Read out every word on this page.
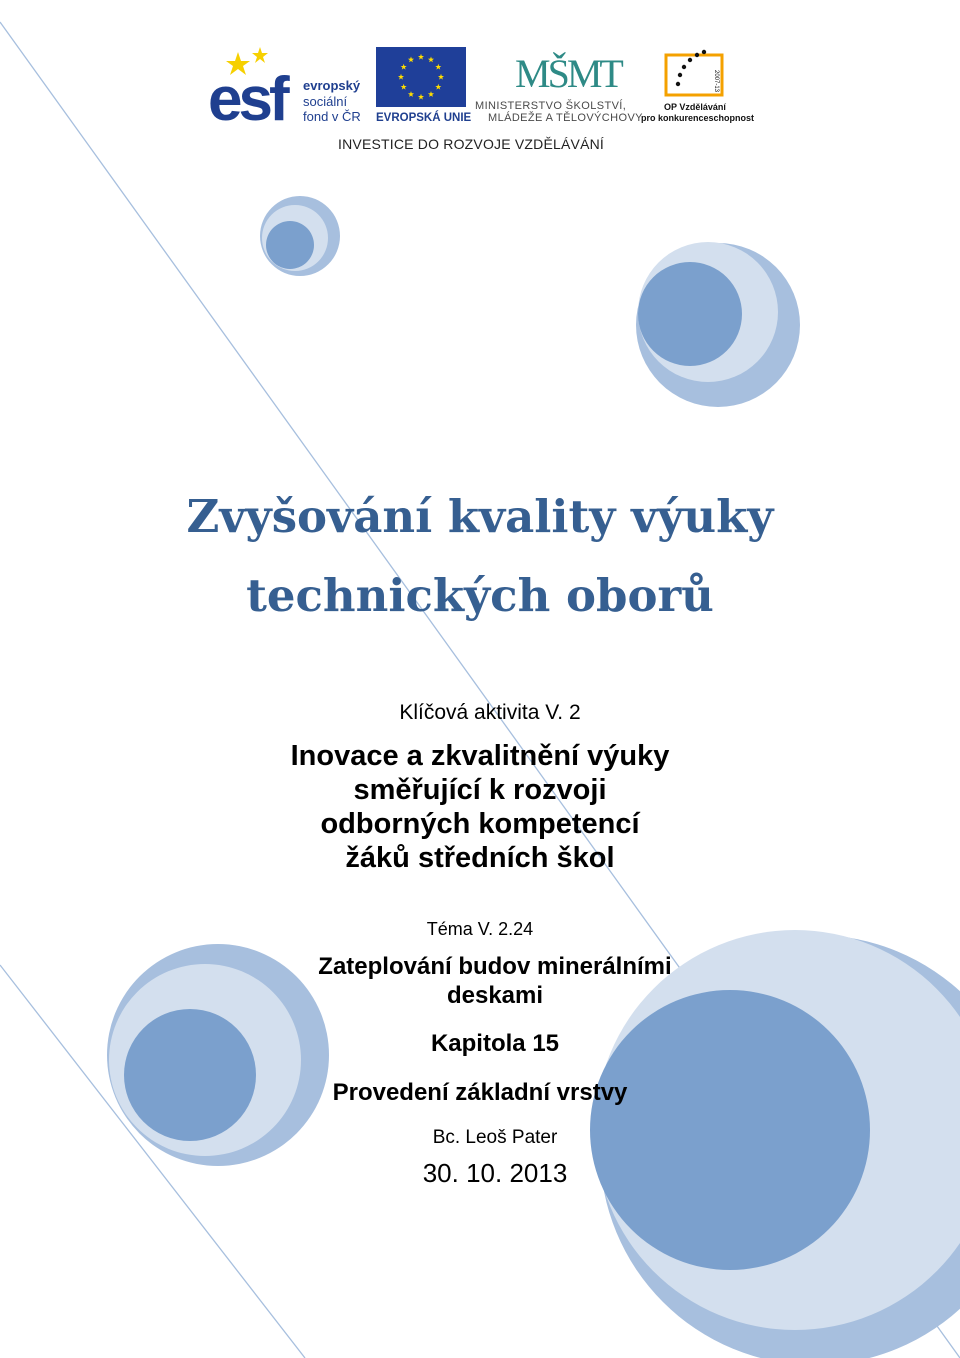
esf	evropský
sociální
fond v ČR EVROPSKÁ UNIE
MŠMT
MINISTERSTVO ŠKOLSTVÍ,
MLÁDEŽE A TĚLOVÝCHOVY
2007-13
OP Vzdělávání
pro konkurenceschopnost
INVESTICE DO ROZVOJE VZDĚLÁVÁNÍ
Zvyšování kvality výuky
technických oborů
Klíčová aktivita V. 2
Inovace a zkvalitnění výuky
směřující k rozvoji
odborných kompetencí
žáků středních škol
Téma V. 2.24
Zateplování budov minerálními
deskami
Kapitola 15
Provedení základní vrstvy
Bc. Leoš Pater
30. 10. 2013
